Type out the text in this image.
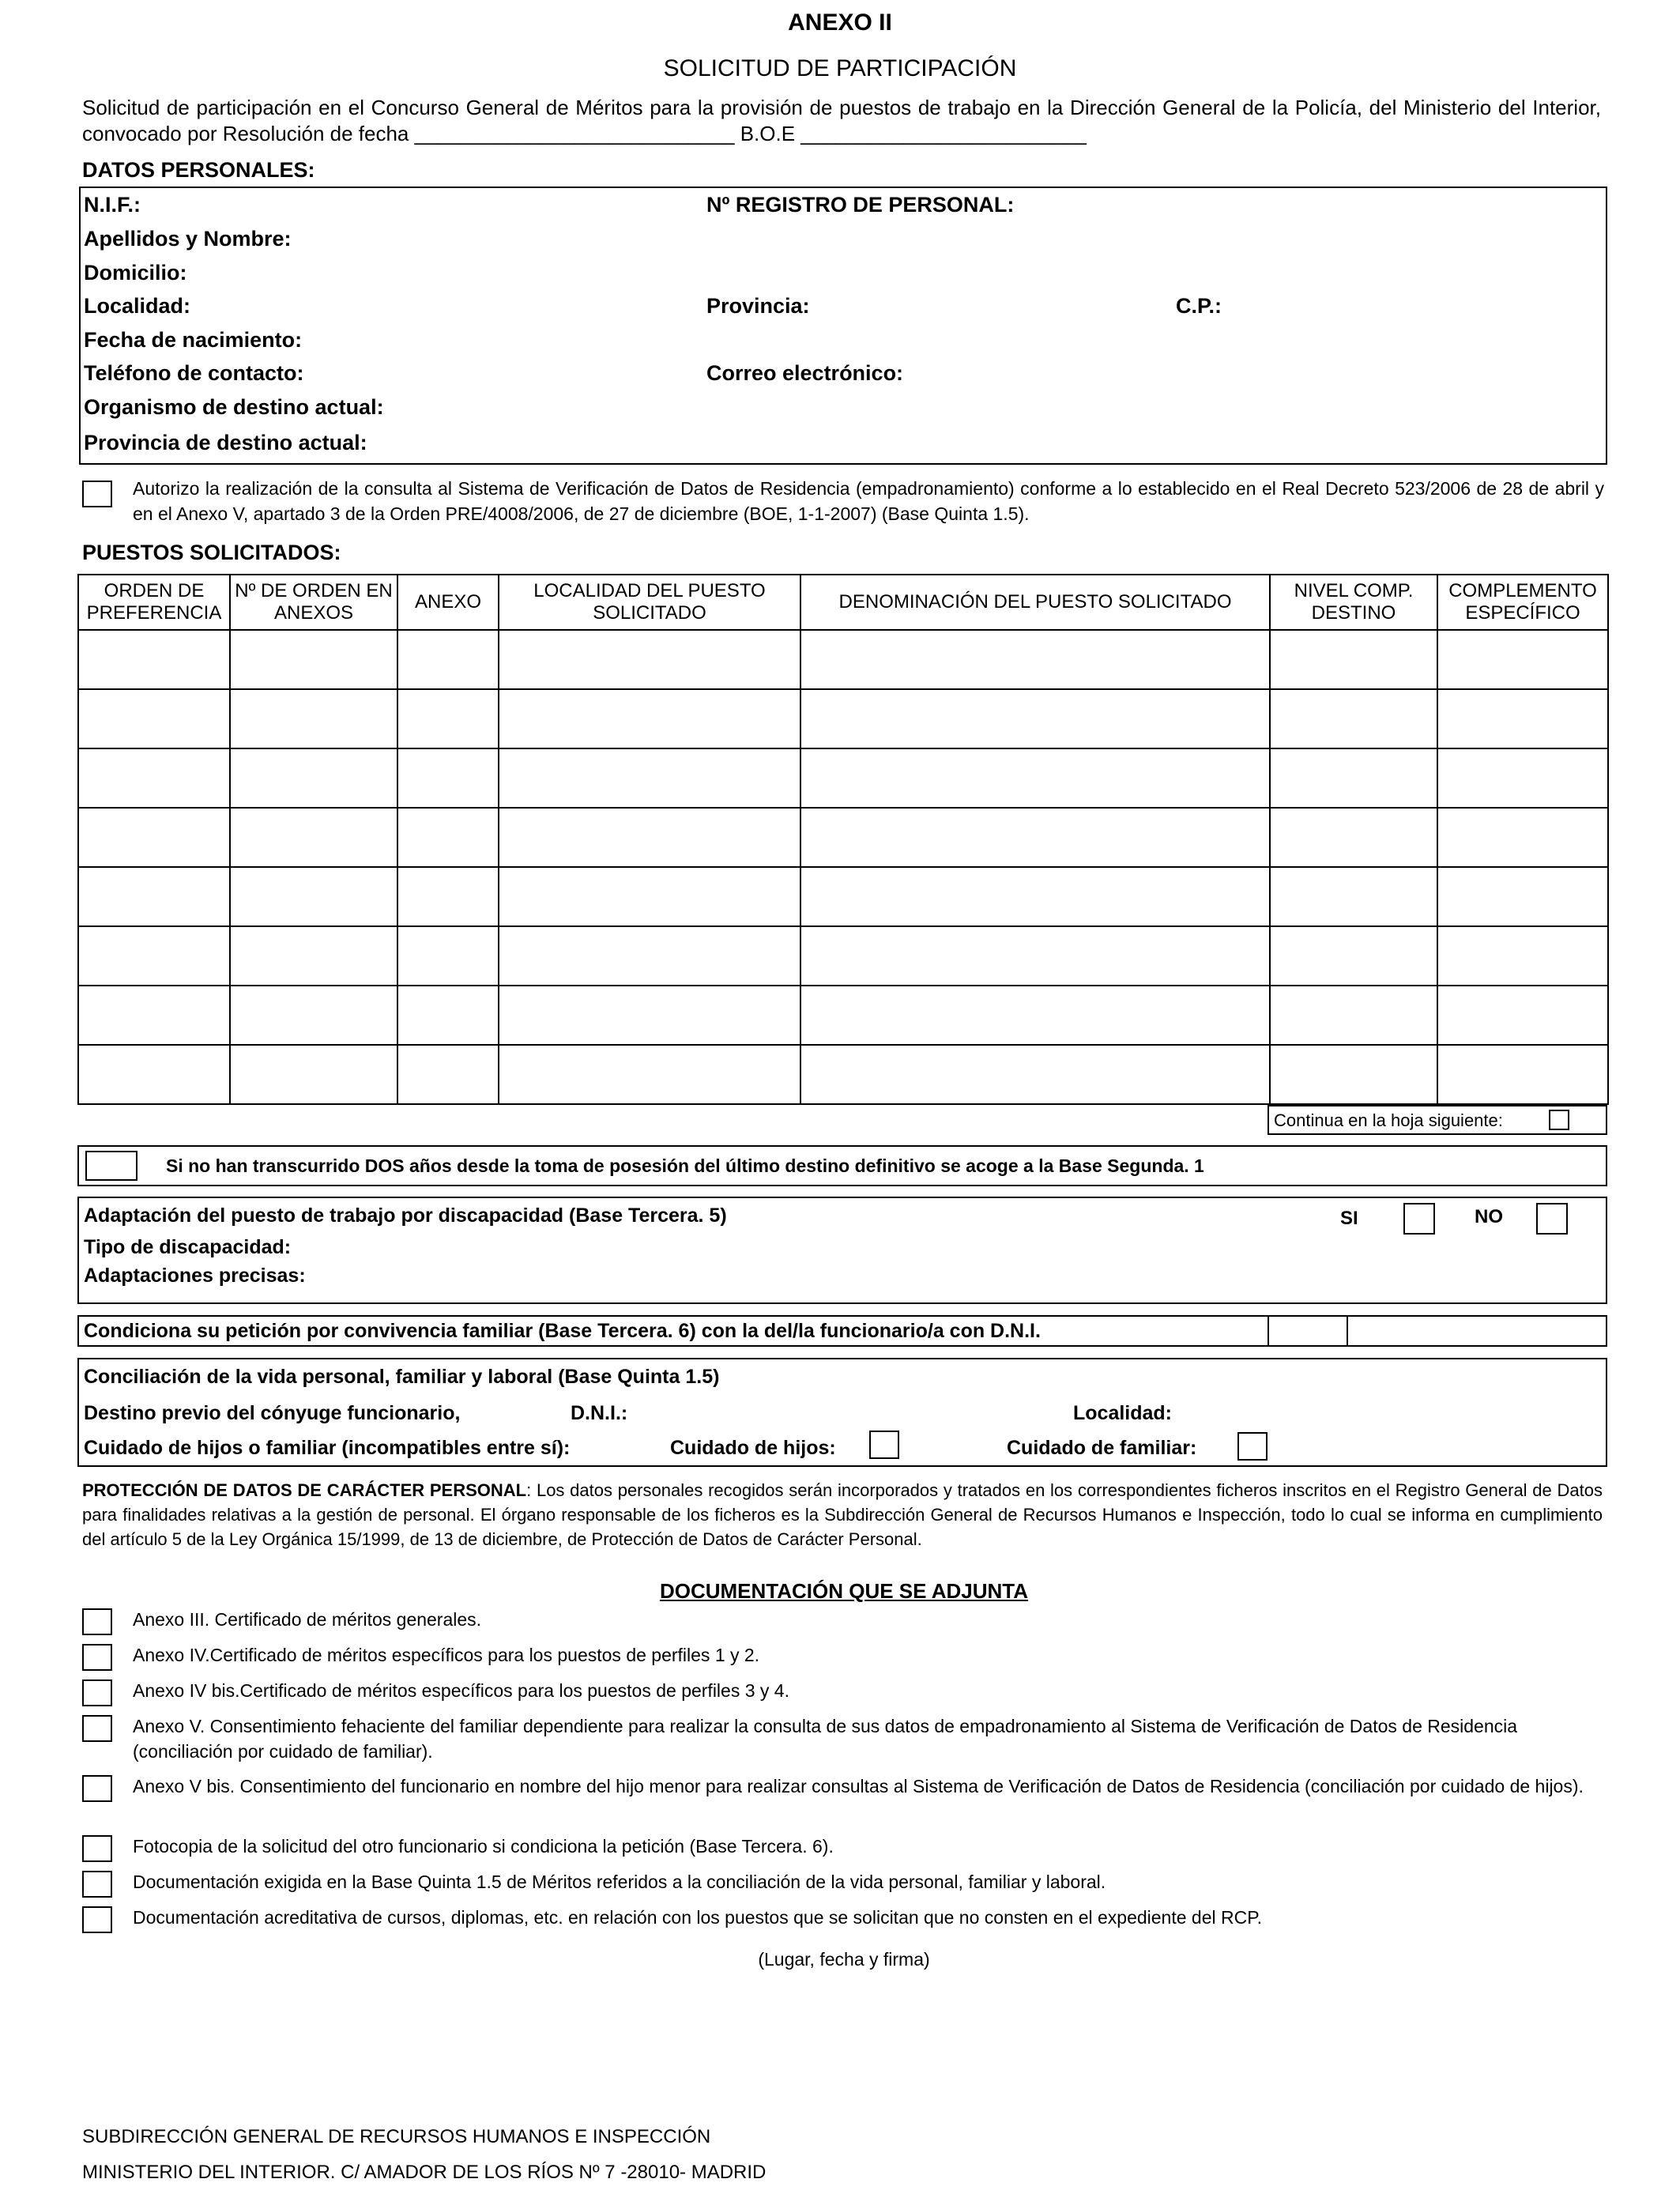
ANEXO II
SOLICITUD DE PARTICIPACIÓN
Solicitud de participación en el Concurso General de Méritos para la provisión de puestos de trabajo en la Dirección General de la Policía, del Ministerio del Interior, convocado por Resolución de fecha ____________________________ B.O.E _________________________
DATOS PERSONALES:
N.I.F.:	Nº REGISTRO DE PERSONAL:
Apellidos y Nombre:
Domicilio:
Localidad:	Provincia:	C.P.:
Fecha de nacimiento:
Teléfono de contacto:	Correo electrónico:
Organismo de destino actual:
Provincia de destino actual:
Autorizo la realización de la consulta al Sistema de Verificación de Datos de Residencia (empadronamiento) conforme a lo establecido en el Real Decreto 523/2006 de 28 de abril y en el Anexo V, apartado 3 de la Orden PRE/4008/2006, de 27 de diciembre (BOE, 1-1-2007) (Base Quinta 1.5).
PUESTOS SOLICITADOS:
ORDEN DE PREFERENCIA	Nº DE ORDEN EN ANEXOS	ANEXO	LOCALIDAD DEL PUESTO SOLICITADO	DENOMINACIÓN DEL PUESTO SOLICITADO	NIVEL COMP. DESTINO	COMPLEMENTO ESPECÍFICO

Continua en la hoja siguiente:
Si no han transcurrido DOS años desde la toma de posesión del último destino definitivo se acoge a la Base Segunda. 1
Adaptación del puesto de trabajo por discapacidad (Base Tercera. 5)	SI	NO
Tipo de discapacidad:
Adaptaciones precisas:
Condiciona su petición por convivencia familiar (Base Tercera. 6) con la del/la funcionario/a con D.N.I.
Conciliación de la vida personal, familiar y laboral (Base Quinta 1.5)
Destino previo del cónyuge funcionario,	D.N.I.:	Localidad:
Cuidado de hijos o familiar (incompatibles entre sí):	Cuidado de hijos:	Cuidado de familiar:
PROTECCIÓN DE DATOS DE CARÁCTER PERSONAL: Los datos personales recogidos serán incorporados y tratados en los correspondientes ficheros inscritos en el Registro General de Datos para finalidades relativas a la gestión de personal. El órgano responsable de los ficheros es la Subdirección General de Recursos Humanos e Inspección, todo lo cual se informa en cumplimiento del artículo 5 de la Ley Orgánica 15/1999, de 13 de diciembre, de Protección de Datos de Carácter Personal.
DOCUMENTACIÓN QUE SE ADJUNTA
Anexo III. Certificado de méritos generales.
Anexo IV.Certificado de méritos específicos para los puestos de perfiles 1 y 2.
Anexo IV bis.Certificado de méritos específicos para los puestos de perfiles 3 y 4.
Anexo V. Consentimiento fehaciente del familiar dependiente para realizar la consulta de sus datos de empadronamiento al Sistema de Verificación de Datos de Residencia (conciliación por cuidado de familiar).
Anexo V bis. Consentimiento del funcionario en nombre del hijo menor para realizar consultas al Sistema de Verificación de Datos de Residencia (conciliación por cuidado de hijos).
Fotocopia de la solicitud del otro funcionario si condiciona la petición (Base Tercera. 6).
Documentación exigida en la Base Quinta 1.5 de Méritos referidos a la conciliación de la vida personal, familiar y laboral.
Documentación acreditativa de cursos, diplomas, etc. en relación con los puestos que se solicitan que no consten en el expediente del RCP.
(Lugar, fecha y firma)
SUBDIRECCIÓN GENERAL DE RECURSOS HUMANOS E INSPECCIÓN
MINISTERIO DEL INTERIOR. C/ AMADOR DE LOS RÍOS Nº 7 -28010- MADRID
